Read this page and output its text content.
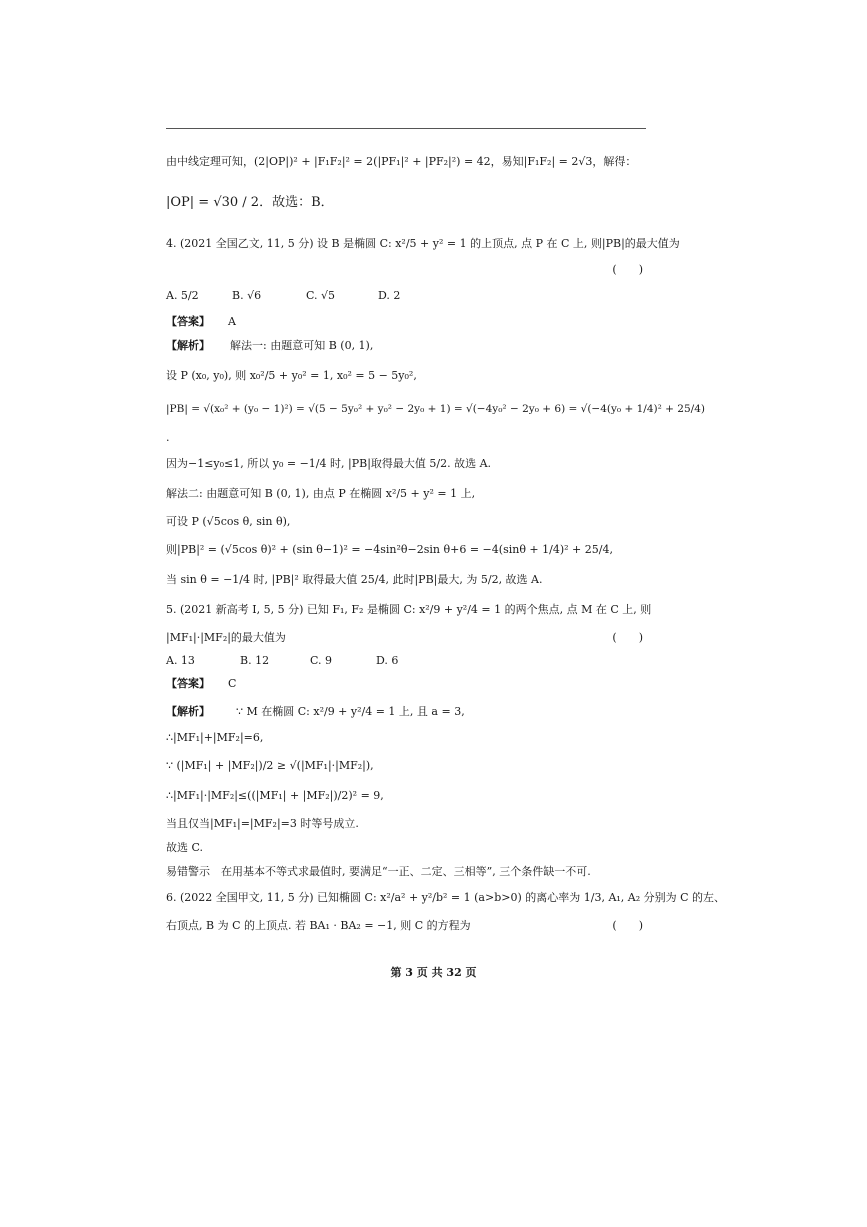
由中线定理可知，(2|OP|)² + |F₁F₂|² = 2(|PF₁|² + |PF₂|²) = 42，易知|F₁F₂| = 2√3，解得：
|OP| = √30 / 2．故选：B．
4. (2021 全国乙文, 11, 5 分) 设 B 是椭圆 C: x²/5 + y² = 1 的上顶点, 点 P 在 C 上, 则|PB|的最大值为
(　　)
A. 5/2	B. √6	C. √5	D. 2
【答案】 A
【解析】 解法一: 由题意可知 B (0, 1),
设 P (x₀, y₀), 则 x₀²/5 + y₀² = 1, x₀² = 5 − 5y₀²,
|PB| = √(x₀² + (y₀ − 1)²) = √(5 − 5y₀² + y₀² − 2y₀ + 1) = √(−4y₀² − 2y₀ + 6) = √(−4(y₀ + 1/4)² + 25/4)
.
因为−1≤y₀≤1, 所以 y₀ = −1/4 时, |PB|取得最大值 5/2. 故选 A.
解法二: 由题意可知 B (0, 1), 由点 P 在椭圆 x²/5 + y² = 1 上,
可设 P (√5cos θ, sin θ),
则|PB|² = (√5cos θ)² + (sin θ−1)² = −4sin²θ−2sin θ+6 = −4(sinθ + 1/4)² + 25/4,
当 sin θ = −1/4 时, |PB|² 取得最大值 25/4, 此时|PB|最大, 为 5/2, 故选 A.
5. (2021 新高考 Ⅰ, 5, 5 分) 已知 F₁, F₂ 是椭圆 C: x²/9 + y²/4 = 1 的两个焦点, 点 M 在 C 上, 则
|MF₁|·|MF₂|的最大值为	(　　)
A. 13	B. 12	C. 9	D. 6
【答案】 C
【解析】 ∵ M 在椭圆 C: x²/9 + y²/4 = 1 上, 且 a = 3,
∴|MF₁|+|MF₂|=6,
∵ (|MF₁| + |MF₂|)/2 ≥ √(|MF₁|·|MF₂|),
∴|MF₁|·|MF₂|≤((|MF₁| + |MF₂|)/2)² = 9,
当且仅当|MF₁|=|MF₂|=3 时等号成立.
故选 C.
易错警示　在用基本不等式求最值时, 要满足“一正、二定、三相等”, 三个条件缺一不可.
6. (2022 全国甲文, 11, 5 分) 已知椭圆 C: x²/a² + y²/b² = 1 (a>b>0) 的离心率为 1/3, A₁, A₂ 分别为 C 的左、
右顶点, B 为 C 的上顶点. 若 BA₁ · BA₂ = −1, 则 C 的方程为	(　　)
第 3 页 共 32 页
